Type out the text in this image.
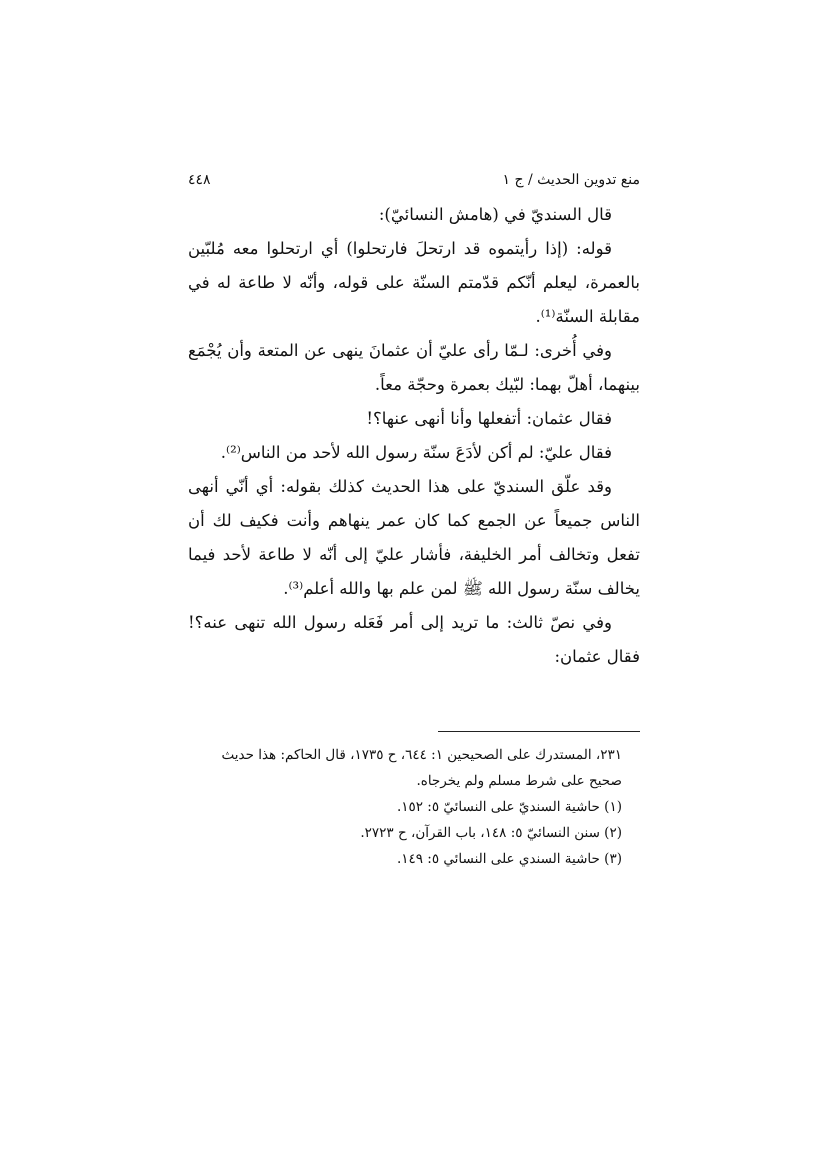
٤٤٨	منع تدوين الحديث / ج ١

قال السنديّ في (هامش النسائيّ):

قوله: (إذا رأيتموه قد ارتحلَ فارتحلوا) أي ارتحلوا معه مُلبّين بالعمرة، ليعلم أنّكم قدّمتم السنّة على قوله، وأنّه لا طاعة له في مقابلة السنّة⁽¹⁾.

وفي أُخرى: لـمّا رأى عليّ أن عثمانَ ينهى عن المتعة وأن يُجْمَع بينهما، أهلّ بهما: لبّيك بعمرة وحجّة معاً.

فقال عثمان: أتفعلها وأنا أنهى عنها؟!

فقال عليّ: لم أكن لأدَعَ سنّة رسول الله لأحد من الناس⁽²⁾.

وقد علّق السنديّ على هذا الحديث كذلك بقوله: أي أنّي أنهى الناس جميعاً عن الجمع كما كان عمر ينهاهم وأنت فكيف لك أن تفعل وتخالف أمر الخليفة، فأشار عليّ إلى أنّه لا طاعة لأحد فيما يخالف سنّة رسول الله ﷺ لمن علم بها والله أعلم⁽³⁾.

وفي نصّ ثالث: ما تريد إلى أمر فَعَله رسول الله تنهى عنه؟! فقال عثمان:

٢٣١، المستدرك على الصحيحين ١: ٦٤٤، ح ١٧٣٥، قال الحاكم: هذا حديث

صحيح على شرط مسلم ولم يخرجاه.

(١) حاشية السنديّ على النسائيّ ٥: ١٥٢.

(٢) سنن النسائيّ ٥: ١٤٨، باب القرآن، ح ٢٧٢٣.

(٣) حاشية السندي على النسائي ٥: ١٤٩.
